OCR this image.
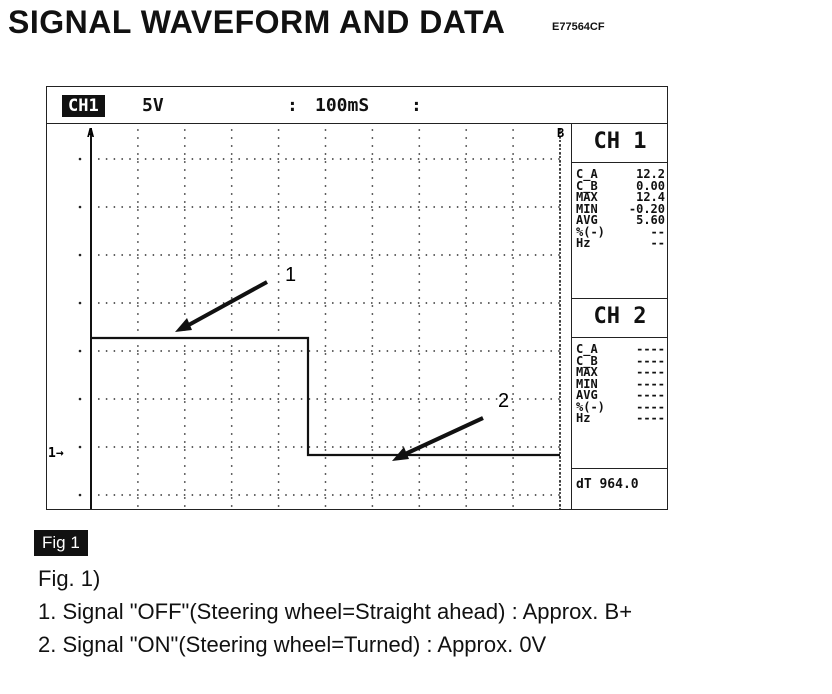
SIGNAL WAVEFORM AND DATA	E77564CF
CH1	5V	: 100mS :
A	B
1→
1
2
CH 1
C_A	12.2
C_B	0.00
MAX	12.4
MIN	-0.20
AVG	5.60
%(-)	--
Hz	--
CH 2
C_A	----
C_B	----
MAX	----
MIN	----
AVG	----
%(-)	----
Hz	----
dT 964.0
Fig 1
Fig. 1)
1. Signal "OFF"(Steering wheel=Straight ahead) : Approx. B+
2. Signal "ON"(Steering wheel=Turned) : Approx. 0V
